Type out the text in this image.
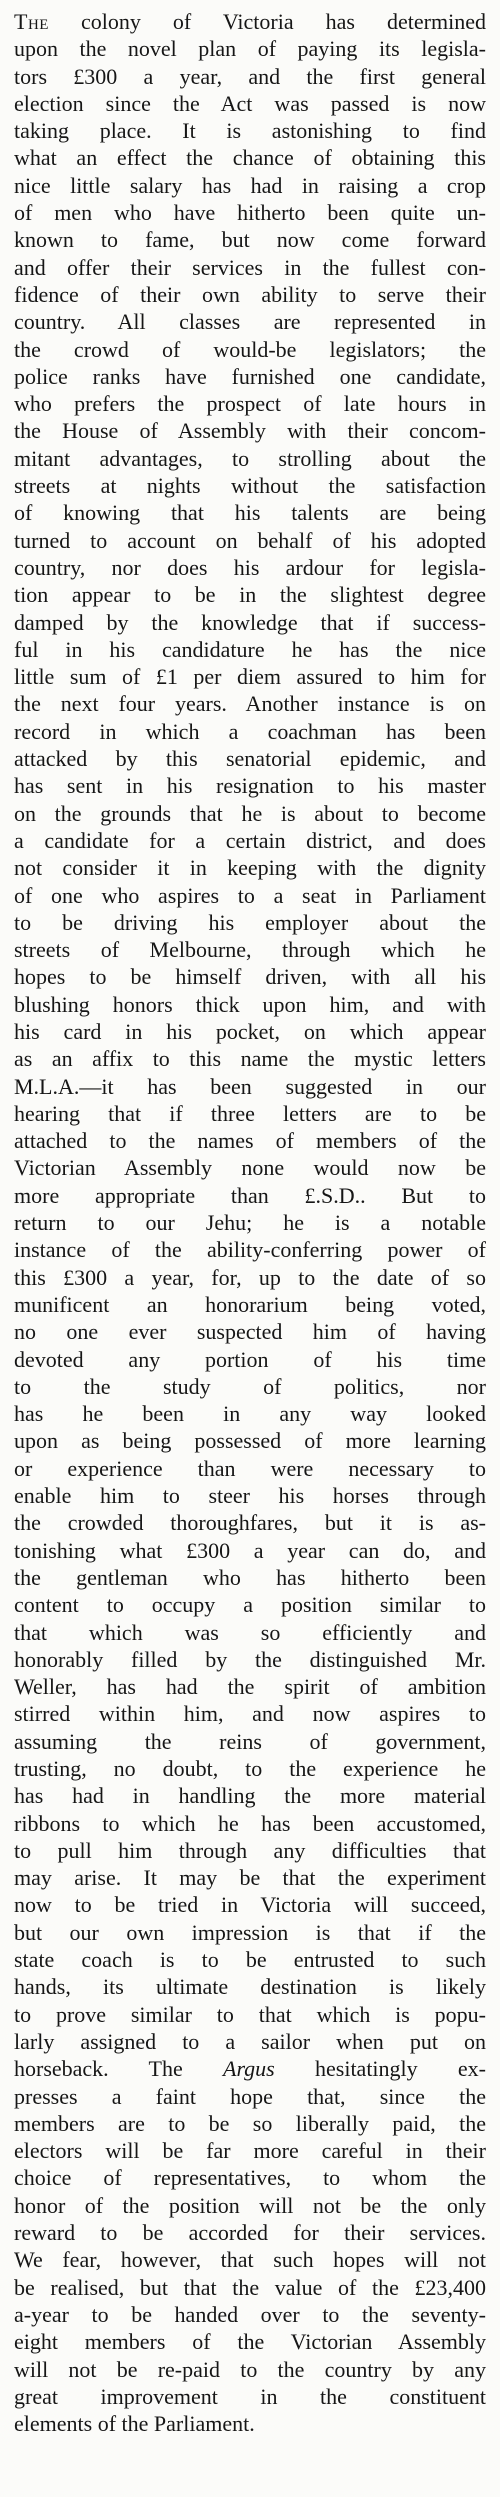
The colony of Victoria has determined
upon the novel plan of paying its legisla-
tors £300 a year, and the first general
election since the Act was passed is now
taking place. It is astonishing to find
what an effect the chance of obtaining this
nice little salary has had in raising a crop
of men who have hitherto been quite un-
known to fame, but now come forward
and offer their services in the fullest con-
fidence of their own ability to serve their
country. All classes are represented in
the crowd of would-be legislators; the
police ranks have furnished one candidate,
who prefers the prospect of late hours in
the House of Assembly with their concom-
mitant advantages, to strolling about the
streets at nights without the satisfaction
of knowing that his talents are being
turned to account on behalf of his adopted
country, nor does his ardour for legisla-
tion appear to be in the slightest degree
damped by the knowledge that if success-
ful in his candidature he has the nice
little sum of £1 per diem assured to him for
the next four years. Another instance is on
record in which a coachman has been
attacked by this senatorial epidemic, and
has sent in his resignation to his master
on the grounds that he is about to become
a candidate for a certain district, and does
not consider it in keeping with the dignity
of one who aspires to a seat in Parliament
to be driving his employer about the
streets of Melbourne, through which he
hopes to be himself driven, with all his
blushing honors thick upon him, and with
his card in his pocket, on which appear
as an affix to this name the mystic letters
M.L.A.—it has been suggested in our
hearing that if three letters are to be
attached to the names of members of the
Victorian Assembly none would now be
more appropriate than £.S.D.. But to
return to our Jehu; he is a notable
instance of the ability-conferring power of
this £300 a year, for, up to the date of so
munificent an honorarium being voted,
no one ever suspected him of having
devoted any portion of his time
to the study of politics, nor
has he been in any way looked
upon as being possessed of more learning
or experience than were necessary to
enable him to steer his horses through
the crowded thoroughfares, but it is as-
tonishing what £300 a year can do, and
the gentleman who has hitherto been
content to occupy a position similar to
that which was so efficiently and
honorably filled by the distinguished Mr.
Weller, has had the spirit of ambition
stirred within him, and now aspires to
assuming the reins of government,
trusting, no doubt, to the experience he
has had in handling the more material
ribbons to which he has been accustomed,
to pull him through any difficulties that
may arise. It may be that the experiment
now to be tried in Victoria will succeed,
but our own impression is that if the
state coach is to be entrusted to such
hands, its ultimate destination is likely
to prove similar to that which is popu-
larly assigned to a sailor when put on
horseback. The Argus hesitatingly ex-
presses a faint hope that, since the
members are to be so liberally paid, the
electors will be far more careful in their
choice of representatives, to whom the
honor of the position will not be the only
reward to be accorded for their services.
We fear, however, that such hopes will not
be realised, but that the value of the £23,400
a-year to be handed over to the seventy-
eight members of the Victorian Assembly
will not be re-paid to the country by any
great improvement in the constituent
elements of the Parliament.
